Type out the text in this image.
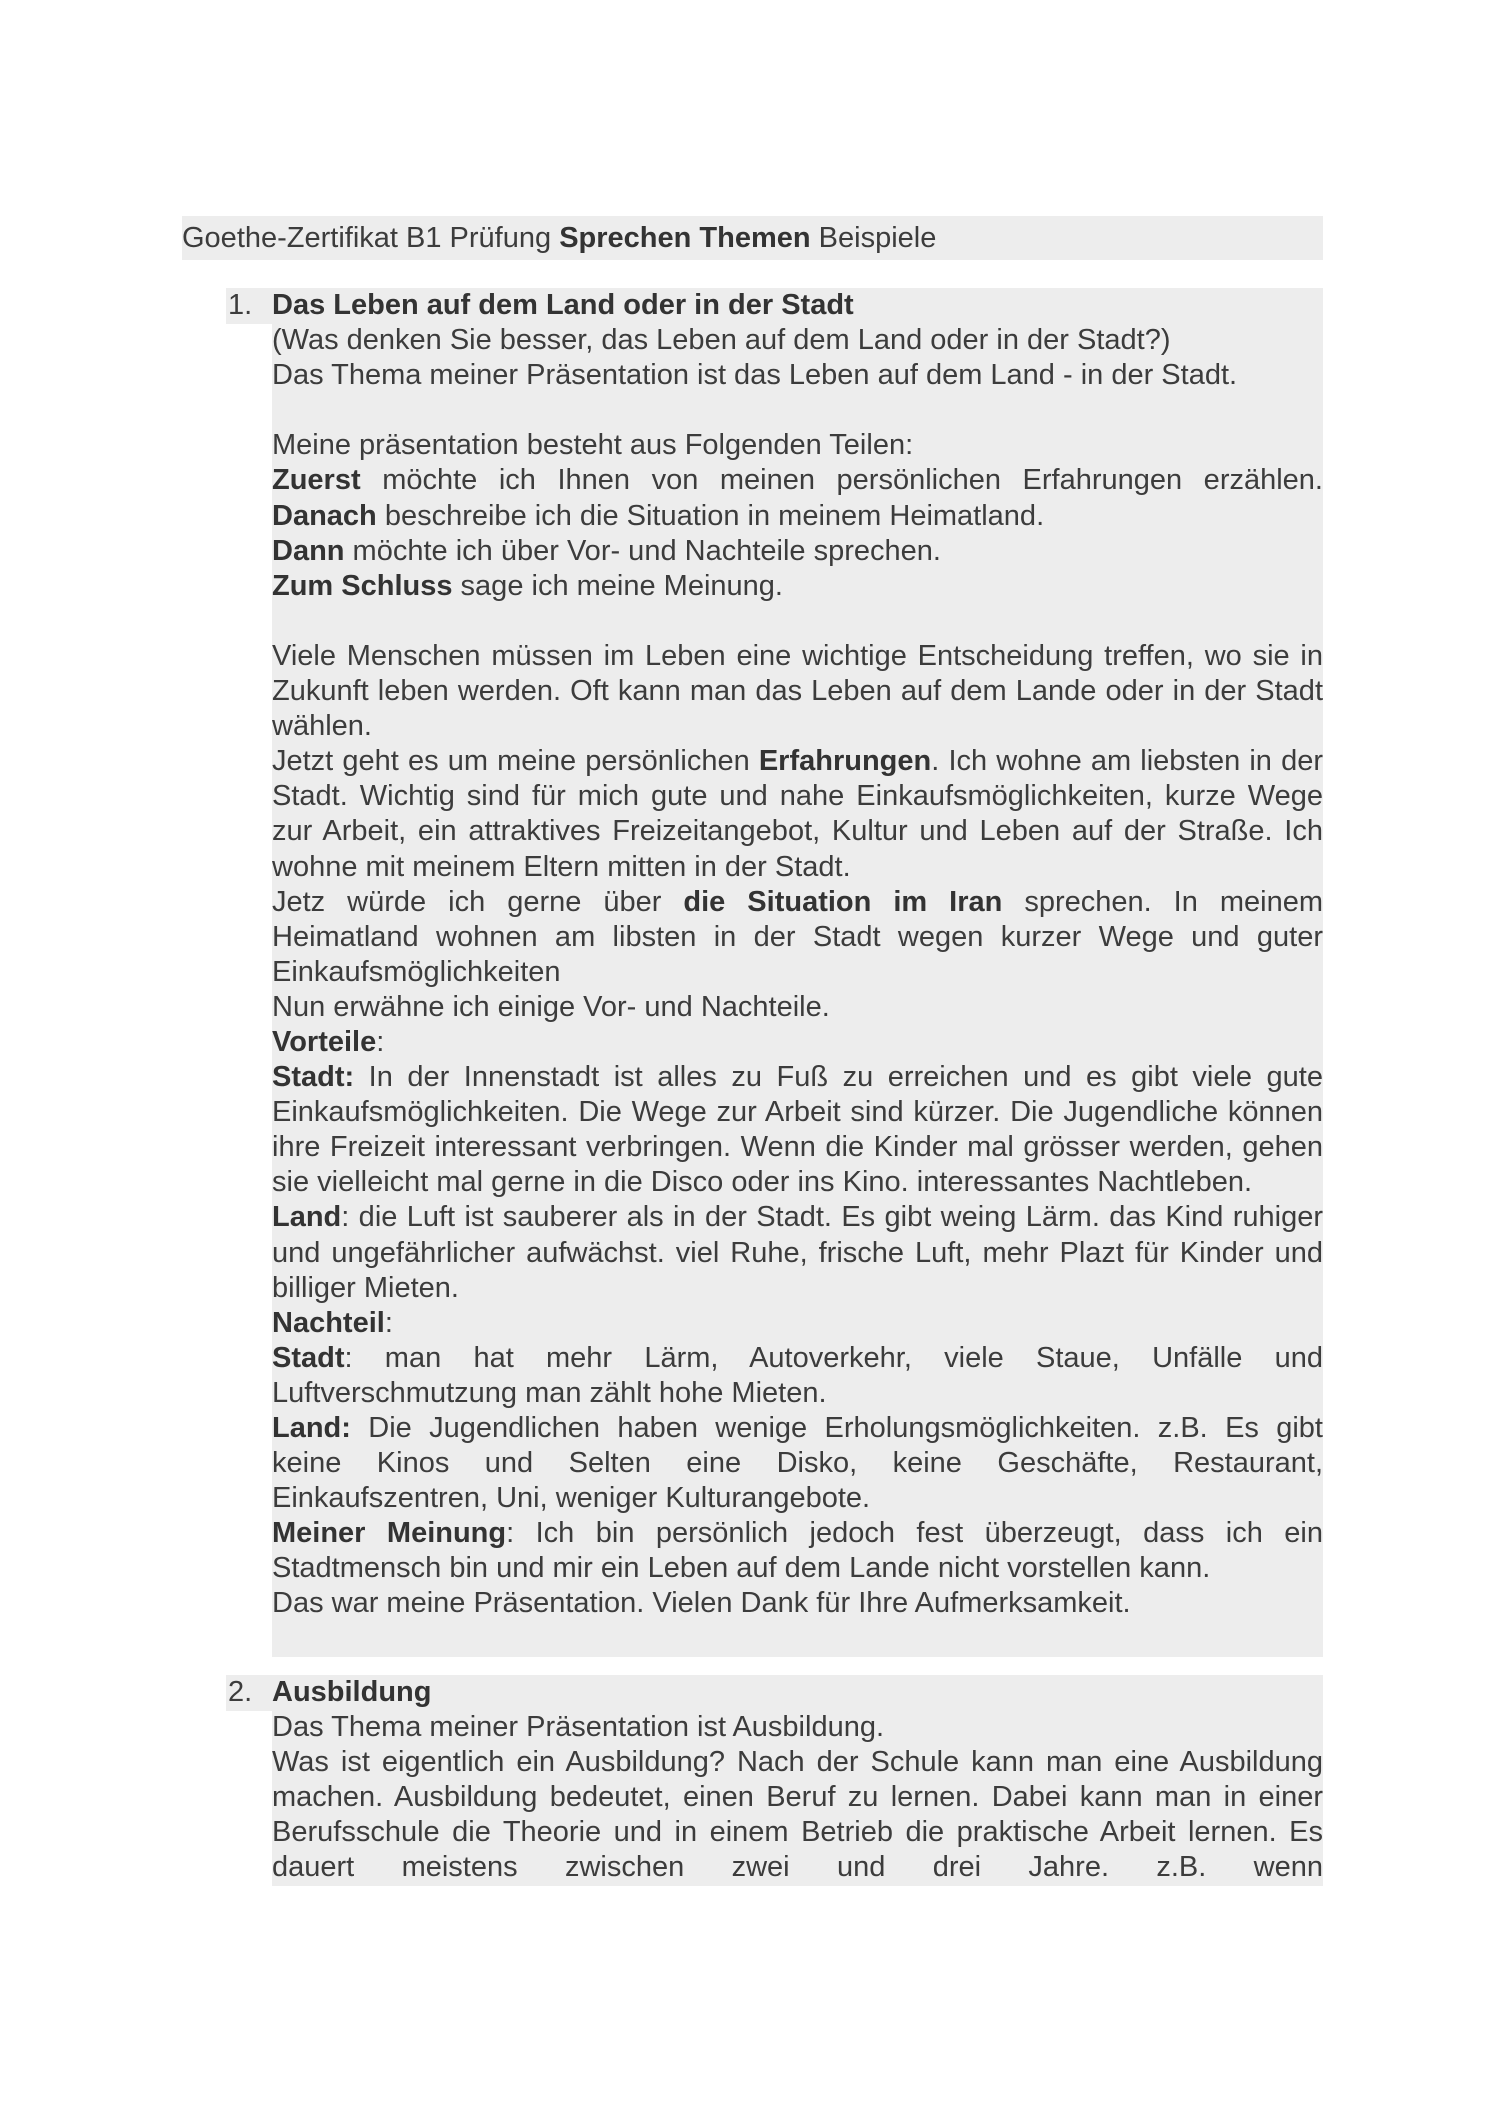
Goethe-Zertifikat B1 Prüfung Sprechen Themen Beispiele
1. Das Leben auf dem Land oder in der Stadt

(Was denken Sie besser, das Leben auf dem Land oder in der Stadt?)

Das Thema meiner Präsentation ist das Leben auf dem Land - in der Stadt.

Meine präsentation besteht aus Folgenden Teilen:

Zuerst möchte ich Ihnen von meinen persönlichen Erfahrungen erzählen.

Danach beschreibe ich die Situation in meinem Heimatland.

Dann möchte ich über Vor- und Nachteile sprechen.

Zum Schluss sage ich meine Meinung.

Viele Menschen müssen im Leben eine wichtige Entscheidung treffen, wo sie in Zukunft leben werden. Oft kann man das Leben auf dem Lande oder in der Stadt wählen.

Jetzt geht es um meine persönlichen Erfahrungen. Ich wohne am liebsten in der Stadt. Wichtig sind für mich gute und nahe Einkaufsmöglichkeiten, kurze Wege zur Arbeit, ein attraktives Freizeitangebot, Kultur und Leben auf der Straße. Ich wohne mit meinem Eltern mitten in der Stadt.

Jetz würde ich gerne über die Situation im Iran sprechen. In meinem Heimatland wohnen am libsten in der Stadt wegen kurzer Wege und guter Einkaufsmöglichkeiten

Nun erwähne ich einige Vor- und Nachteile.

Vorteile:

Stadt: In der Innenstadt ist alles zu Fuß zu erreichen und es gibt viele gute Einkaufsmöglichkeiten. Die Wege zur Arbeit sind kürzer. Die Jugendliche können ihre Freizeit interessant verbringen. Wenn die Kinder mal grösser werden, gehen sie vielleicht mal gerne in die Disco oder ins Kino. interessantes Nachtleben.

Land: die Luft ist sauberer als in der Stadt. Es gibt weing Lärm. das Kind ruhiger und ungefährlicher aufwächst. viel Ruhe, frische Luft, mehr Plazt für Kinder und billiger Mieten.

Nachteil:

Stadt: man hat mehr Lärm, Autoverkehr, viele Staue, Unfälle und Luftverschmutzung man zählt hohe Mieten.

Land: Die Jugendlichen haben wenige Erholungsmöglichkeiten. z.B. Es gibt keine Kinos und Selten eine Disko, keine Geschäfte, Restaurant, Einkaufszentren, Uni, weniger Kulturangebote.

Meiner Meinung: Ich bin persönlich jedoch fest überzeugt, dass ich ein Stadtmensch bin und mir ein Leben auf dem Lande nicht vorstellen kann.

Das war meine Präsentation. Vielen Dank für Ihre Aufmerksamkeit.

2. Ausbildung

Das Thema meiner Präsentation ist Ausbildung.

Was ist eigentlich ein Ausbildung? Nach der Schule kann man eine Ausbildung machen. Ausbildung bedeutet, einen Beruf zu lernen. Dabei kann man in einer Berufsschule die Theorie und in einem Betrieb die praktische Arbeit lernen. Es dauert meistens zwischen zwei und drei Jahre. z.B. wenn
